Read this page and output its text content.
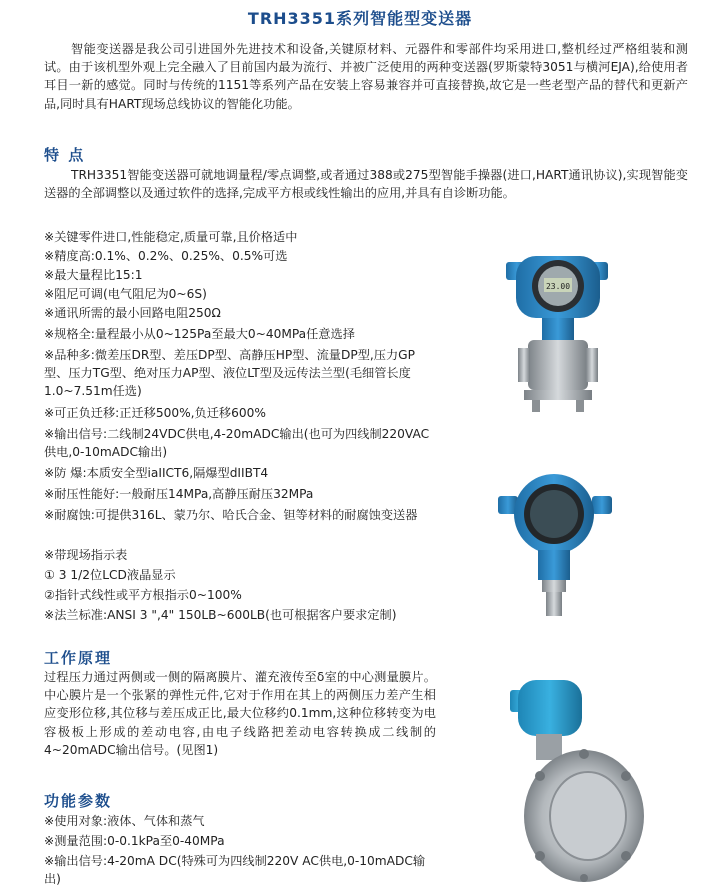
TRH3351系列智能型变送器

智能变送器是我公司引进国外先进技术和设备,关键原材料、元器件和零部件均采用进口,整机经过严格组装和测试。由于该机型外观上完全融入了目前国内最为流行、并被广泛使用的两种变送器(罗斯蒙特3051与横河EJA),给使用者耳目一新的感觉。同时与传统的1151等系列产品在安装上容易兼容并可直接替换,故它是一些老型产品的替代和更新产品,同时具有HART现场总线协议的智能化功能。

特 点

TRH3351智能变送器可就地调量程/零点调整,或者通过388或275型智能手操器(进口,HART通讯协议),实现智能变送器的全部调整以及通过软件的选择,完成平方根或线性输出的应用,并具有自诊断功能。

※关键零件进口,性能稳定,质量可靠,且价格适中

※精度高:0.1%、0.2%、0.25%、0.5%可选

※最大量程比15:1

※阻尼可调(电气阻尼为0~6S)

※通讯所需的最小回路电阻250Ω

※规格全:量程最小从0~125Pa至最大0~40MPa任意选择

※品种多:微差压DR型、差压DP型、高静压HP型、流量DP型,压力GP型、压力TG型、绝对压力AP型、液位LT型及远传法兰型(毛细管长度1.0~7.51m任选)

※可正负迁移:正迁移500%,负迁移600%

※输出信号:二线制24VDC供电,4-20mADC输出(也可为四线制220VAC供电,0-10mADC输出)

※防 爆:本质安全型iaIICT6,隔爆型dIIBT4

※耐压性能好:一般耐压14MPa,高静压耐压32MPa

※耐腐蚀:可提供316L、蒙乃尔、哈氏合金、钽等材料的耐腐蚀变送器

※带现场指示表

① 3 1/2位LCD液晶显示

②指针式线性或平方根指示0~100%

※法兰标准:ANSI 3 ",4" 150LB~600LB(也可根据客户要求定制)

工作原理

过程压力通过两侧或一侧的隔离膜片、灌充液传至δ室的中心测量膜片。中心膜片是一个张紧的弹性元件,它对于作用在其上的两侧压力差产生相应变形位移,其位移与差压成正比,最大位移约0.1mm,这种位移转变为电容极板上形成的差动电容,由电子线路把差动电容转换成二线制的4~20mADC输出信号。(见图1)

功能参数

※使用对象:液体、气体和蒸气

※测量范围:0-0.1kPa至0-40MPa

※输出信号:4-20mA DC(特殊可为四线制220V AC供电,0-10mADC输出)

23.00
